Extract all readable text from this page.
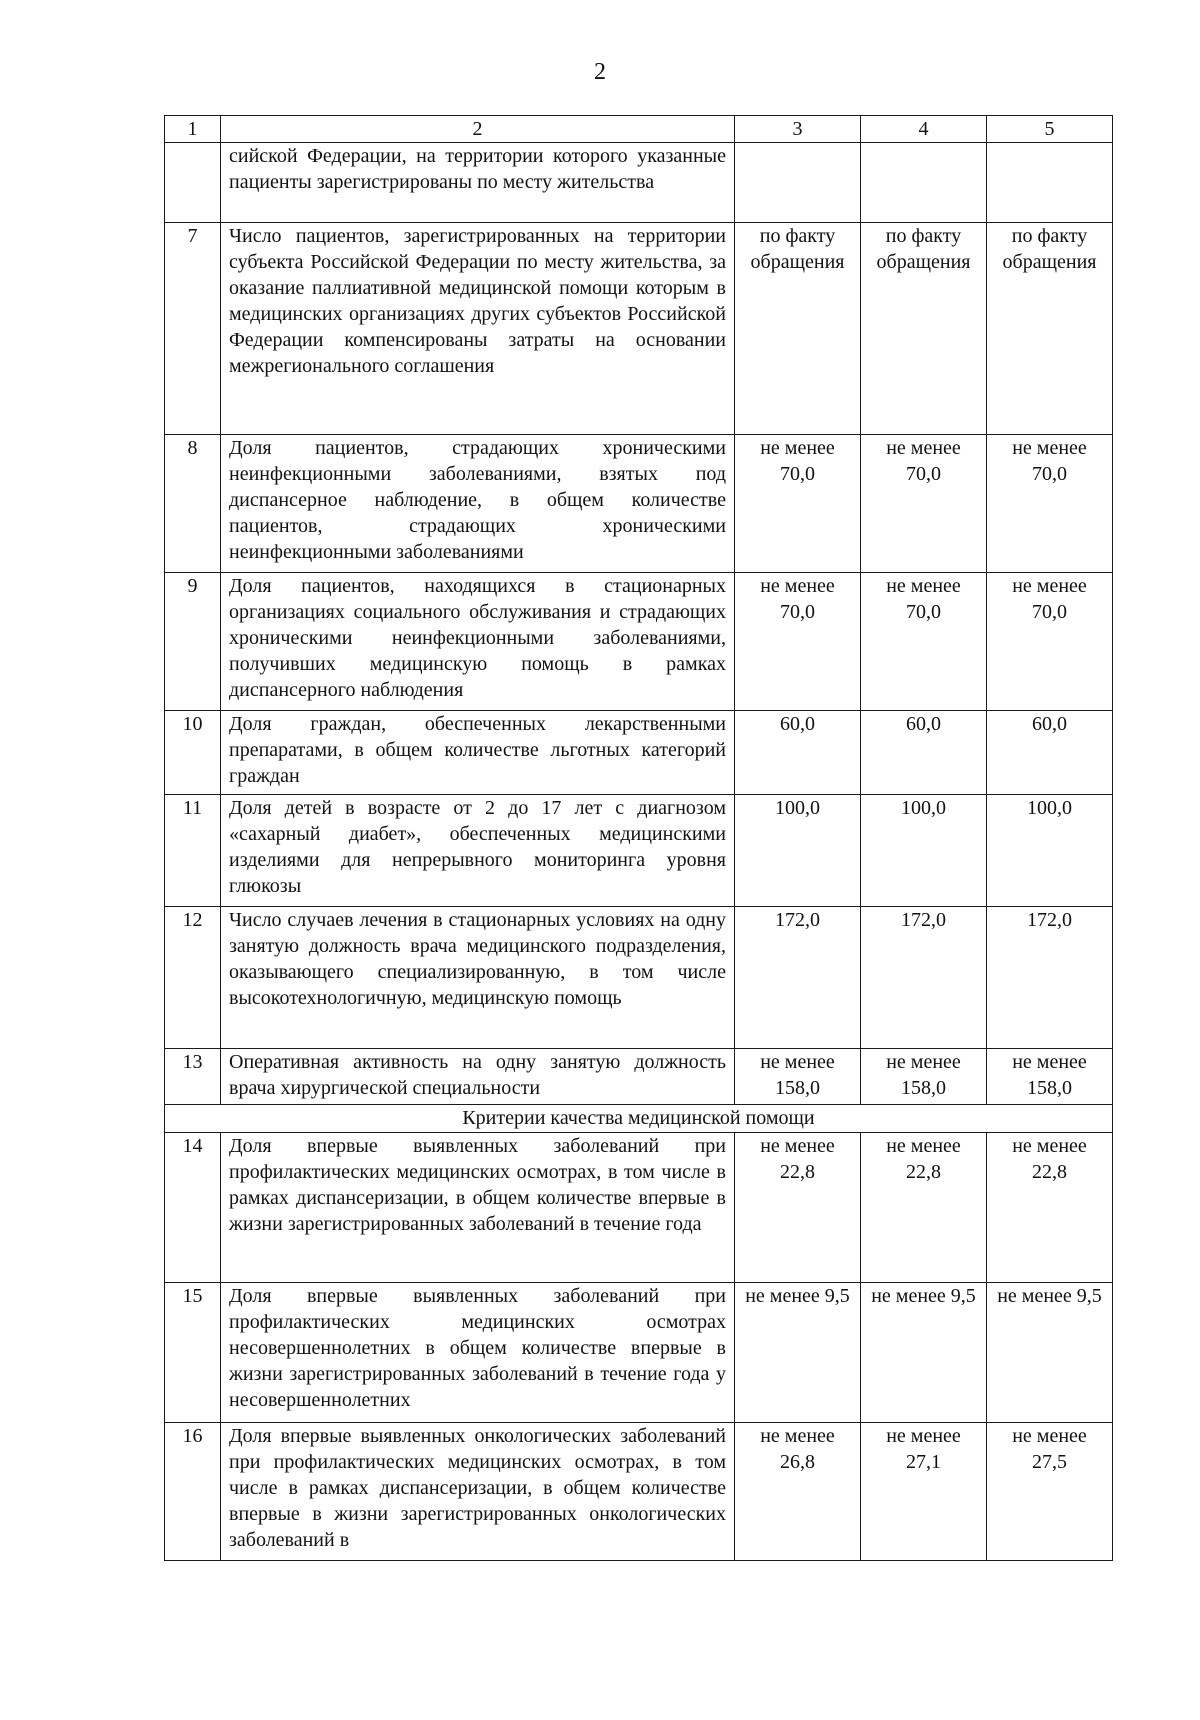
2
1	2	3	4	5
	сийской Федерации, на территории которого указанные пациенты зарегистрированы по месту жительства			
7	Число пациентов, зарегистрированных на территории субъекта Российской Федерации по месту жительства, за оказание паллиативной медицинской помощи которым в медицинских организациях других субъектов Российской Федерации компенсированы затраты на основании межрегионального соглашения	по факту обращения	по факту обращения	по факту обращения
8	Доля пациентов, страдающих хроническими неинфекционными заболеваниями, взятых под диспансерное наблюдение, в общем количестве пациентов, страдающих хроническими неинфекционными заболеваниями	не менее 70,0	не менее 70,0	не менее 70,0
9	Доля пациентов, находящихся в стационарных организациях социального обслуживания и страдающих хроническими неинфекционными заболеваниями, получивших медицинскую помощь в рамках диспансерного наблюдения	не менее 70,0	не менее 70,0	не менее 70,0
10	Доля граждан, обеспеченных лекарственными препаратами, в общем количестве льготных категорий граждан	60,0	60,0	60,0
11	Доля детей в возрасте от 2 до 17 лет с диагнозом «сахарный диабет», обеспеченных медицинскими изделиями для непрерывного мониторинга уровня глюкозы	100,0	100,0	100,0
12	Число случаев лечения в стационарных условиях на одну занятую должность врача медицинского подразделения, оказывающего специализированную, в том числе высокотехнологичную, медицинскую помощь	172,0	172,0	172,0
13	Оперативная активность на одну занятую должность врача хирургической специальности	не менее 158,0	не менее 158,0	не менее 158,0
Критерии качества медицинской помощи				
14	Доля впервые выявленных заболеваний при профилактических медицинских осмотрах, в том числе в рамках диспансеризации, в общем количестве впервые в жизни зарегистрированных заболеваний в течение года	не менее 22,8	не менее 22,8	не менее 22,8
15	Доля впервые выявленных заболеваний при профилактических медицинских осмотрах несовершеннолетних в общем количестве впервые в жизни зарегистрированных заболеваний в течение года у несовершеннолетних	не менее 9,5	не менее 9,5	не менее 9,5
16	Доля впервые выявленных онкологических заболеваний при профилактических медицинских осмотрах, в том числе в рамках диспансеризации, в общем количестве впервые в жизни зарегистрированных онкологических заболеваний в	не менее 26,8	не менее 27,1	не менее 27,5
